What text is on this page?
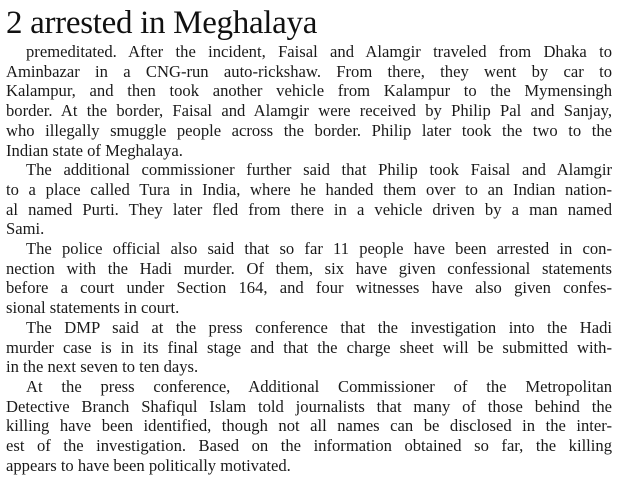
2 arrested in Meghalaya

premeditated. After the incident, Faisal and Alamgir traveled from Dhaka to
Aminbazar in a CNG-run auto-rickshaw. From there, they went by car to
Kalampur, and then took another vehicle from Kalampur to the Mymensingh
border. At the border, Faisal and Alamgir were received by Philip Pal and Sanjay,
who illegally smuggle people across the border. Philip later took the two to the
Indian state of Meghalaya.

The additional commissioner further said that Philip took Faisal and Alamgir
to a place called Tura in India, where he handed them over to an Indian nation-
al named Purti. They later fled from there in a vehicle driven by a man named
Sami.

The police official also said that so far 11 people have been arrested in con-
nection with the Hadi murder. Of them, six have given confessional statements
before a court under Section 164, and four witnesses have also given confes-
sional statements in court.

The DMP said at the press conference that the investigation into the Hadi
murder case is in its final stage and that the charge sheet will be submitted with-
in the next seven to ten days.

At the press conference, Additional Commissioner of the Metropolitan
Detective Branch Shafiqul Islam told journalists that many of those behind the
killing have been identified, though not all names can be disclosed in the inter-
est of the investigation. Based on the information obtained so far, the killing
appears to have been politically motivated.
